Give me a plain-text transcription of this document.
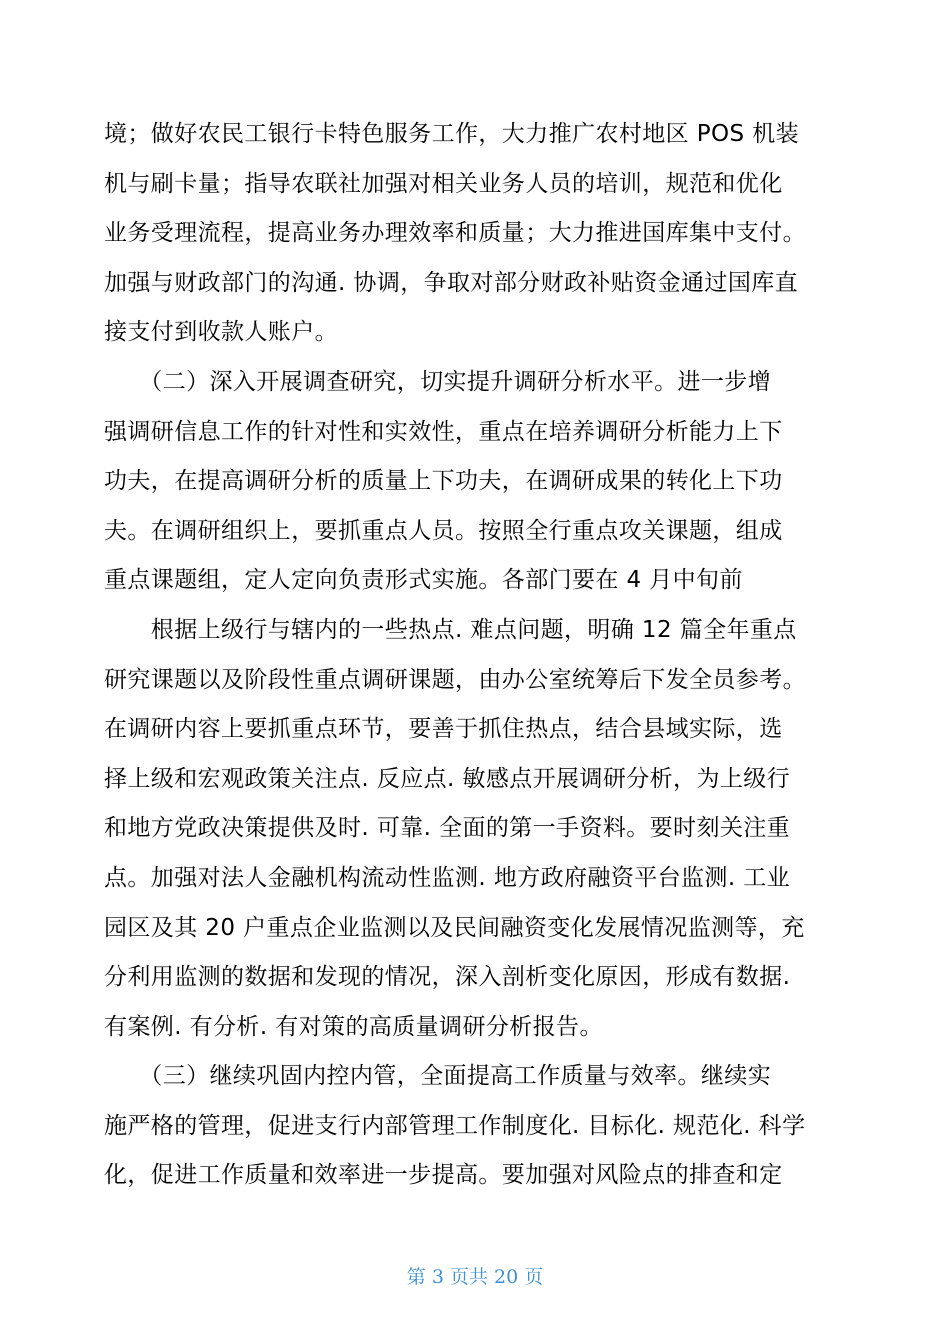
境；做好农民工银行卡特色服务工作，大力推广农村地区 POS 机装
机与刷卡量；指导农联社加强对相关业务人员的培训，规范和优化
业务受理流程，提高业务办理效率和质量；大力推进国库集中支付。
加强与财政部门的沟通. 协调，争取对部分财政补贴资金通过国库直
接支付到收款人账户。
　　（二）深入开展调查研究，切实提升调研分析水平。进一步增
强调研信息工作的针对性和实效性，重点在培养调研分析能力上下
功夫，在提高调研分析的质量上下功夫，在调研成果的转化上下功
夫。在调研组织上，要抓重点人员。按照全行重点攻关课题，组成
重点课题组，定人定向负责形式实施。各部门要在 4 月中旬前
　　根据上级行与辖内的一些热点. 难点问题，明确 12 篇全年重点
研究课题以及阶段性重点调研课题，由办公室统筹后下发全员参考。
在调研内容上要抓重点环节，要善于抓住热点，结合县域实际，选
择上级和宏观政策关注点. 反应点. 敏感点开展调研分析，为上级行
和地方党政决策提供及时. 可靠. 全面的第一手资料。要时刻关注重
点。加强对法人金融机构流动性监测. 地方政府融资平台监测. 工业
园区及其 20 户重点企业监测以及民间融资变化发展情况监测等，充
分利用监测的数据和发现的情况，深入剖析变化原因，形成有数据.
有案例. 有分析. 有对策的高质量调研分析报告。
　　（三）继续巩固内控内管，全面提高工作质量与效率。继续实
施严格的管理，促进支行内部管理工作制度化. 目标化. 规范化. 科学
化，促进工作质量和效率进一步提高。要加强对风险点的排查和定
第 3 页共 20 页
